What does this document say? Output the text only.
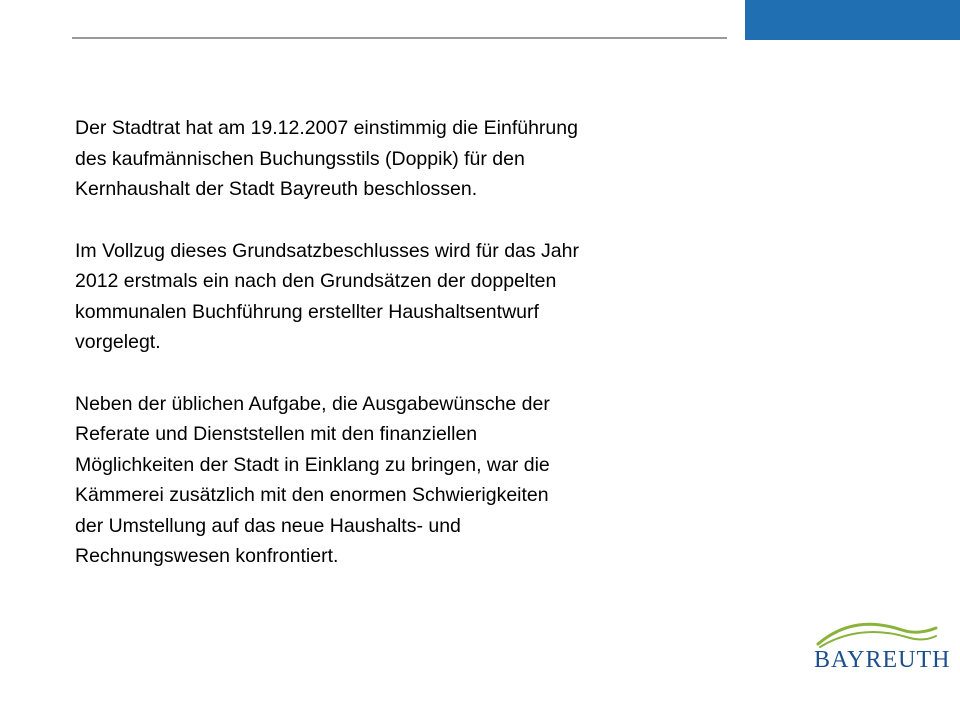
Der Stadtrat hat am 19.12.2007 einstimmig die Einführung
des kaufmännischen Buchungsstils (Doppik) für den
Kernhaushalt der Stadt Bayreuth beschlossen.

Im Vollzug dieses Grundsatzbeschlusses wird für das Jahr
2012 erstmals ein nach den Grundsätzen der doppelten
kommunalen Buchführung erstellter Haushaltsentwurf
vorgelegt.

Neben der üblichen Aufgabe, die Ausgabewünsche der
Referate und Dienststellen mit den finanziellen
Möglichkeiten der Stadt in Einklang zu bringen, war die
Kämmerei zusätzlich mit den enormen Schwierigkeiten
der Umstellung auf das neue Haushalts- und
Rechnungswesen konfrontiert.

BAYREUTH
